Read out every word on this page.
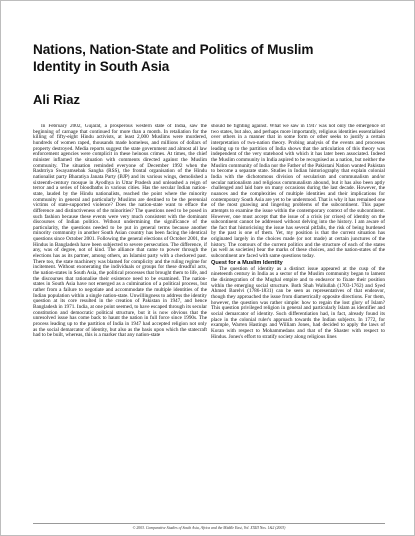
Nations, Nation-State and Politics of Muslim
Identity in South Asia
Ali Riaz

In February 2002, Gujarat, a prosperous western state of India, saw the beginning of carnage that continued for more than a month. In retaliation for the killing of fifty-eight Hindu activists, at least 2,000 Muslims were murdered, hundreds of women raped, thousands made homeless, and millions of dollars of property destroyed. Media reports suggest the state government and almost all law enforcement agencies were complicit in these heinous crimes. At times, the chief minister inflamed the situation with comments directed against the Muslim community. The situation reminded everyone of December 1992 when the Rashtriya Swayamsebak Sangha (RSS), the frontal organisation of the Hindu nationalist party Bharatiya Janata Party (BJP) and its various wings, demolished a sixteenth-century mosque in Ayodhya in Uttar Pradesh and unleashed a reign of terror and a series of bloodbaths in various cities. Has the secular Indian nation-state, lauded by the Hindu nationalists, reached the point where the minority community in general and particularly Muslims are destined to be the perennial victims of state-supported violence? Does the nation-state want to efface the difference and distinctiveness of the minorities? The questions need to be posed in such fashion because these events were very much consistent with the dominant discourses of Indian politics. Without undermining the significance of the particularity, the questions needed to be put in general terms because another minority community in another South Asian country has been facing the identical questions since October 2001. Following the general elections of October 2001, the Hindus in Bangladesh have been subjected to severe persecution. The difference, if any, was of degree, not of kind. The alliance that came to power through the elections has as its partner, among others, an Islamist party with a checkered past. There too, the state machinery was blamed for complicity and the ruling regime for incitement. Without exonerating the individuals or groups for these dreadful acts, the nation-states in South Asia, the political processes that brought them to life, and the discourses that rationalise their existence need to be examined. The nation-states in South Asia have not emerged as a culmination of a political process, but rather from a failure to negotiate and accommodate the multiple identities of the Indian population within a single nation-state. Unwillingness to address the identity question at its core resulted in the creation of Pakistan in 1947, and hence Bangladesh in 1971. India, at one point seemed, to have escaped through its secular constitution and democratic political structure, but it is now obvious that the unresolved issue has come back to haunt the nation in full force since 1990s. The process leading up to the partition of India in 1947 had accepted religion not only as the social demarcator of identity, but also as the basis upon which the statecraft had to be built, whereas, this is a marker that any nation-state

should be fighting against. What we saw in 1947 was not only the emergence of two states, but also, and perhaps more importantly, religious identities essentialised over others in a manner that in some form or other seeks to justify a certain interpretation of two-nation theory. Probing analysis of the events and processes leading up to the partition of India shows that the articulation of this theory was independent of the very statehood with which it has later been associated. Indeed the Muslim community in India aspired to be recognised as a nation, but neither the Muslim community of India nor the Father of the Pakistani Nation wanted Pakistan to become a separate state. Studies in Indian historiography that explain colonial India with the dichotomous division of secularism and communalism and/or secular nationalism and religious communalism abound, but it has also been aptly challenged and laid bare on many occasions during the last decade. However, the nuances and the complexities of multiple identities and their implications for contemporary South Asia are yet to be understood. That is why it has remained one of the most gnawing and lingering problems of the subcontinent. This paper attempts to examine the issue within the contemporary context of the subcontinent. However, one must accept that the issue of a crisis (or crises) of identity on the subcontinent cannot be addressed without delving into the history. I am aware of the fact that historicising the issue has several pitfalls, the risk of being burdened by the past is one of them. Yet, my position is that the current situation has originated largely in the choices made (or not made) at certain junctures of the history. The contours of the current politics and the structure of each of the states (as well as societies) bear the marks of these choices, and the nation-states of the subcontinent are faced with same questions today.

Quest for a Muslim Identity

The question of identity as a distinct issue appeared at the cusp of the nineteenth century in India as a sector of the Muslim community began to lament the disintegration of the Mughal empire and to endeavor to fixate their position within the emerging social structure. Both Shah Waliullah (1703-1762) and Syed Ahmed Barelvi (1786-1831) can be seen as representatives of that endeavor, though they approached the issue from diametrically opposite directions. For them, however, the question was rather simple: how to regain the lost glory of Islam? This question privileged religion in general and particularly Islam as identifier and social demarcator of identity. Such differentiation had, in fact, already found its place in the colonial ruler's approach towards the Indian subjects. In 1772, for example, Warren Hastings and William Jones, had decided to apply the laws of Koran with respect to Mohammedans and that of the Shaster with respect to Hindus. Jones's effort to stratify society along religious lines

© 2003. Comparative Studies of South Asia, Africa and the Middle East, Vol. XXIII Nos. 1&2 (2003)
